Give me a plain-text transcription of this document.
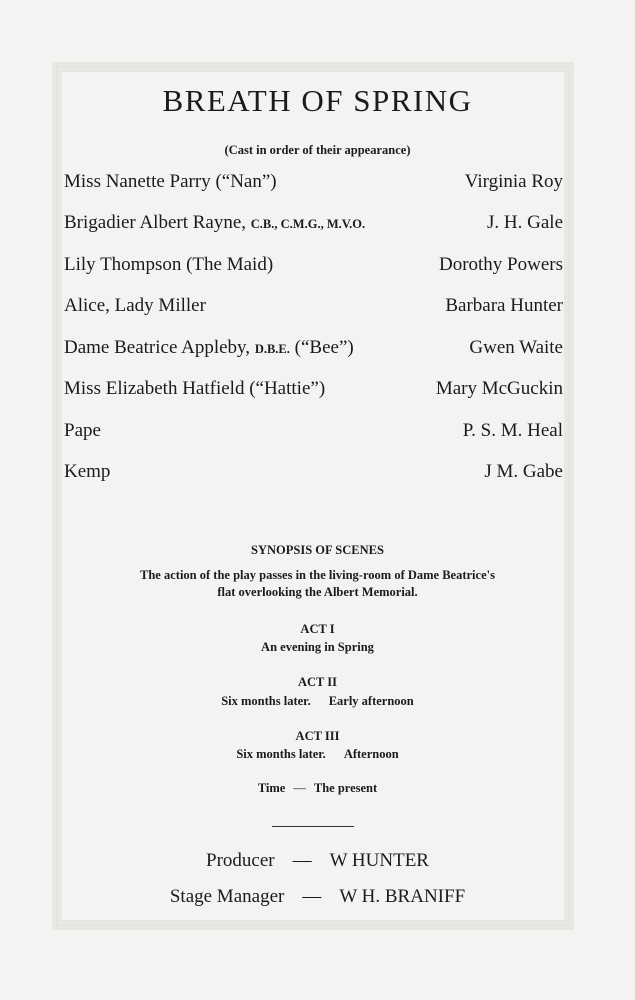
BREATH OF SPRING
(Cast in order of their appearance)
Miss Nanette Parry (“Nan”)	Virginia Roy
Brigadier Albert Rayne, C.B., C.M.G., M.V.O.	J. H. Gale
Lily Thompson (The Maid)	Dorothy Powers
Alice, Lady Miller	Barbara Hunter
Dame Beatrice Appleby, D.B.E. (“Bee”)	Gwen Waite
Miss Elizabeth Hatfield (“Hattie”)	Mary McGuckin
Pape	P. S. M. Heal
Kemp	J M. Gabe
SYNOPSIS OF SCENES
The action of the play passes in the living-room of Dame Beatrice's
flat overlooking the Albert Memorial.
ACT I
An evening in Spring
ACT II
Six months later. Early afternoon
ACT III
Six months later. Afternoon
Time — The present
Producer — W HUNTER
Stage Manager — W H. BRANIFF
